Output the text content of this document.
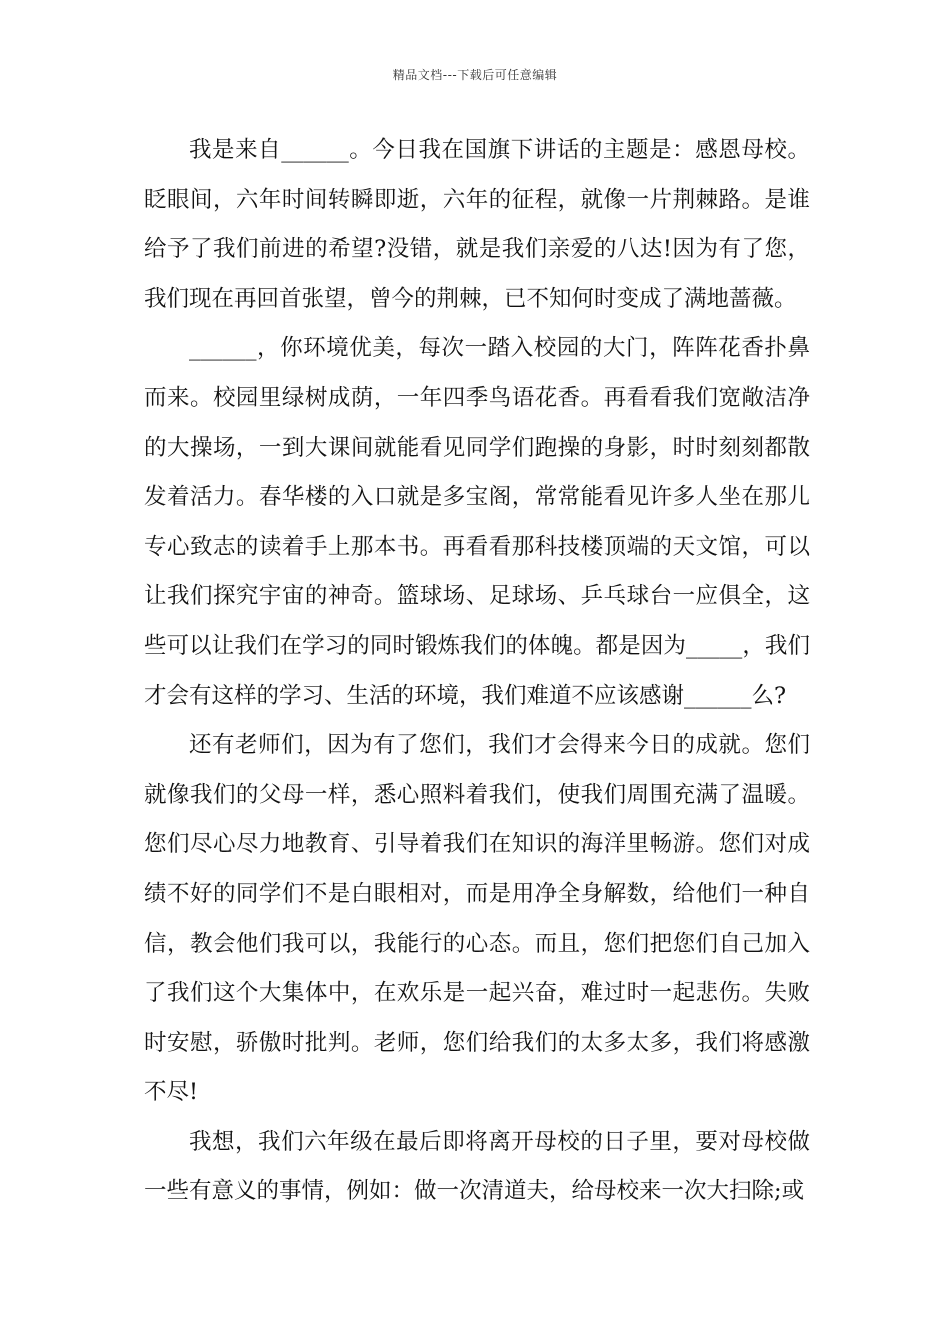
精品文档---下载后可任意编辑

我是来自______。今日我在国旗下讲话的主题是：感恩母校。眨眼间，六年时间转瞬即逝，六年的征程，就像一片荆棘路。是谁给予了我们前进的希望?没错，就是我们亲爱的八达!因为有了您，我们现在再回首张望，曾今的荆棘，已不知何时变成了满地蔷薇。

______，你环境优美，每次一踏入校园的大门，阵阵花香扑鼻而来。校园里绿树成荫，一年四季鸟语花香。再看看我们宽敞洁净的大操场，一到大课间就能看见同学们跑操的身影，时时刻刻都散发着活力。春华楼的入口就是多宝阁，常常能看见许多人坐在那儿专心致志的读着手上那本书。再看看那科技楼顶端的天文馆，可以让我们探究宇宙的神奇。篮球场、足球场、乒乓球台一应俱全，这些可以让我们在学习的同时锻炼我们的体魄。都是因为_____，我们才会有这样的学习、生活的环境，我们难道不应该感谢______么?

还有老师们，因为有了您们，我们才会得来今日的成就。您们就像我们的父母一样，悉心照料着我们，使我们周围充满了温暖。您们尽心尽力地教育、引导着我们在知识的海洋里畅游。您们对成绩不好的同学们不是白眼相对，而是用净全身解数，给他们一种自信，教会他们我可以，我能行的心态。而且，您们把您们自己加入了我们这个大集体中，在欢乐是一起兴奋，难过时一起悲伤。失败时安慰，骄傲时批判。老师，您们给我们的太多太多，我们将感激不尽!

我想，我们六年级在最后即将离开母校的日子里，要对母校做一些有意义的事情，例如：做一次清道夫，给母校来一次大扫除;或
